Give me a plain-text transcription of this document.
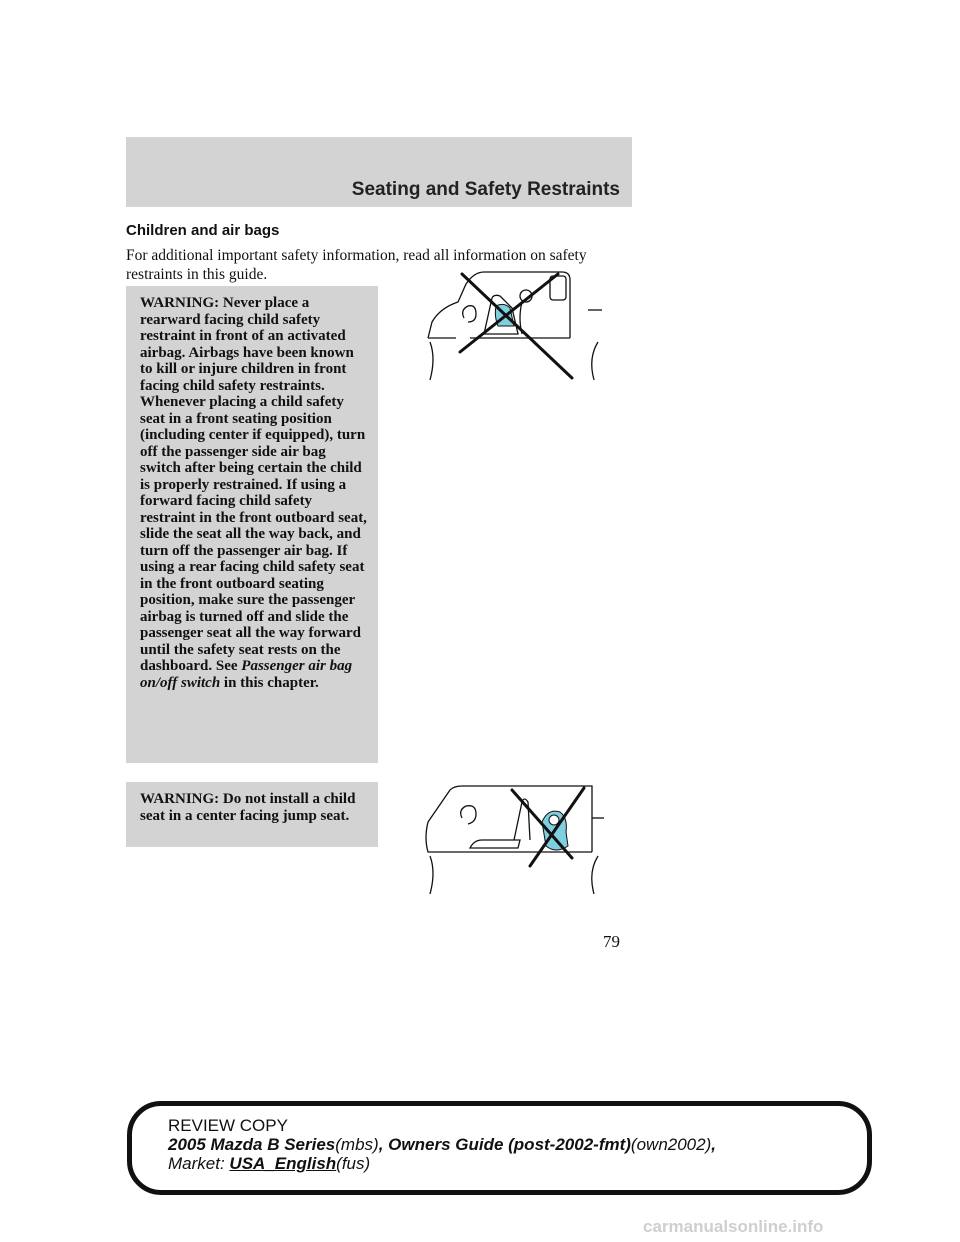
Seating and Safety Restraints
Children and air bags
For additional important safety information, read all information on safety restraints in this guide.
WARNING: Never place a rearward facing child safety restraint in front of an activated airbag. Airbags have been known to kill or injure children in front facing child safety restraints. Whenever placing a child safety seat in a front seating position (including center if equipped), turn off the passenger side air bag switch after being certain the child is properly restrained. If using a forward facing child safety restraint in the front outboard seat, slide the seat all the way back, and turn off the passenger air bag. If using a rear facing child safety seat in the front outboard seating position, make sure the passenger airbag is turned off and slide the passenger seat all the way forward until the safety seat rests on the dashboard. See Passenger air bag on/off switch in this chapter.
WARNING: Do not install a child seat in a center facing jump seat.
79
REVIEW COPY
2005 Mazda B Series(mbs), Owners Guide (post-2002-fmt)(own2002),
Market: USA_English(fus)
carmanualsonline.info
